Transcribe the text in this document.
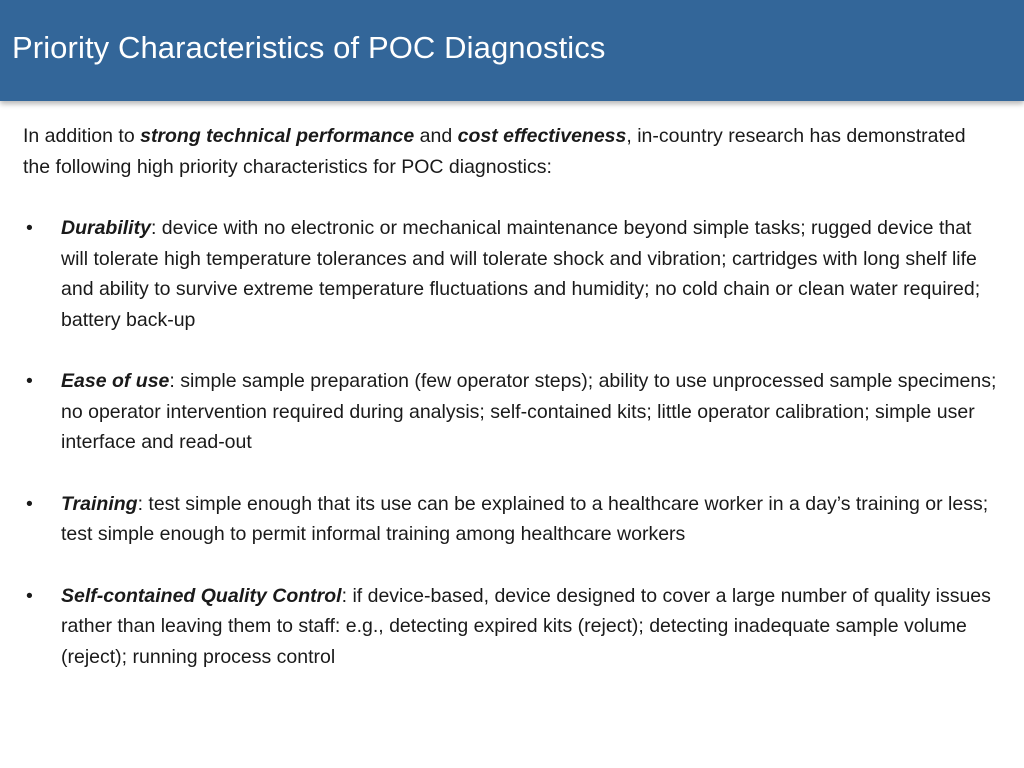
Priority Characteristics of POC Diagnostics

In addition to strong technical performance and cost effectiveness, in-country research has demonstrated the following high priority characteristics for POC diagnostics:

• Durability: device with no electronic or mechanical maintenance beyond simple tasks; rugged device that will tolerate high temperature tolerances and will tolerate shock and vibration; cartridges with long shelf life and ability to survive extreme temperature fluctuations and humidity; no cold chain or clean water required; battery back-up
• Ease of use: simple sample preparation (few operator steps); ability to use unprocessed sample specimens; no operator intervention required during analysis; self-contained kits; little operator calibration; simple user interface and read-out
• Training: test simple enough that its use can be explained to a healthcare worker in a day’s training or less; test simple enough to permit informal training among healthcare workers
• Self-contained Quality Control: if device-based, device designed to cover a large number of quality issues rather than leaving them to staff: e.g., detecting expired kits (reject); detecting inadequate sample volume (reject); running process control
